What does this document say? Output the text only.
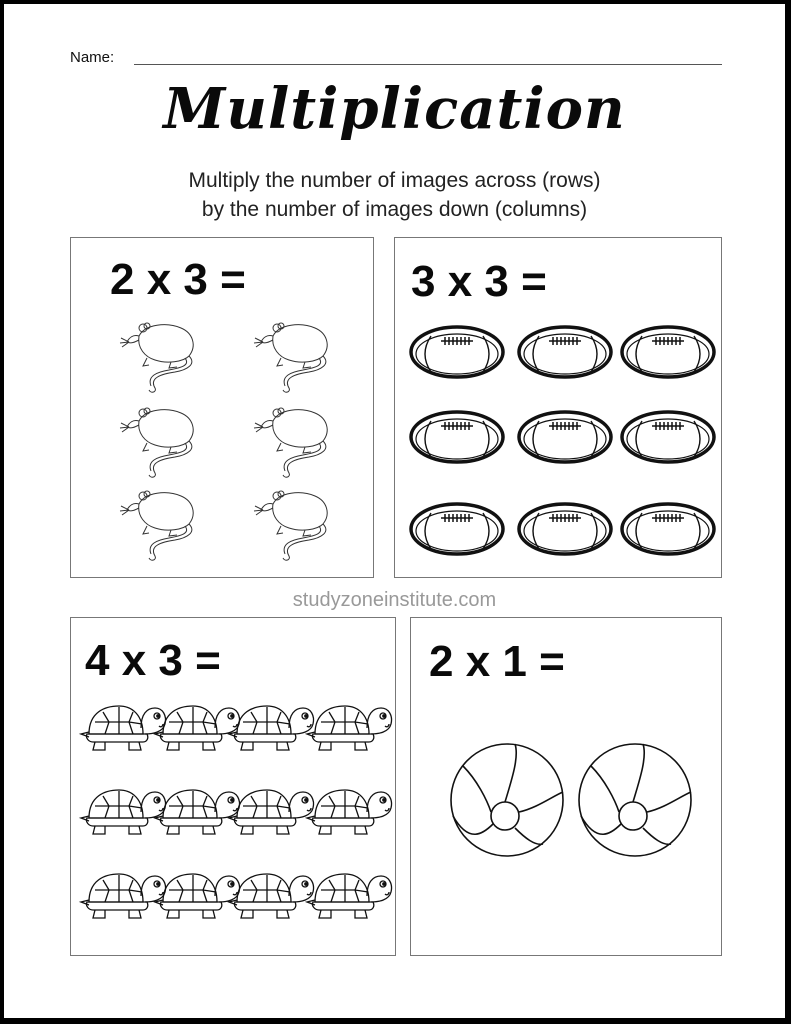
Name:
Multiplication
Multiply the number of images across (rows)
by the number of images down (columns)
2 x 3 =	3 x 3 =
studyzoneinstitute.com
4 x 3 =	2 x 1 =
